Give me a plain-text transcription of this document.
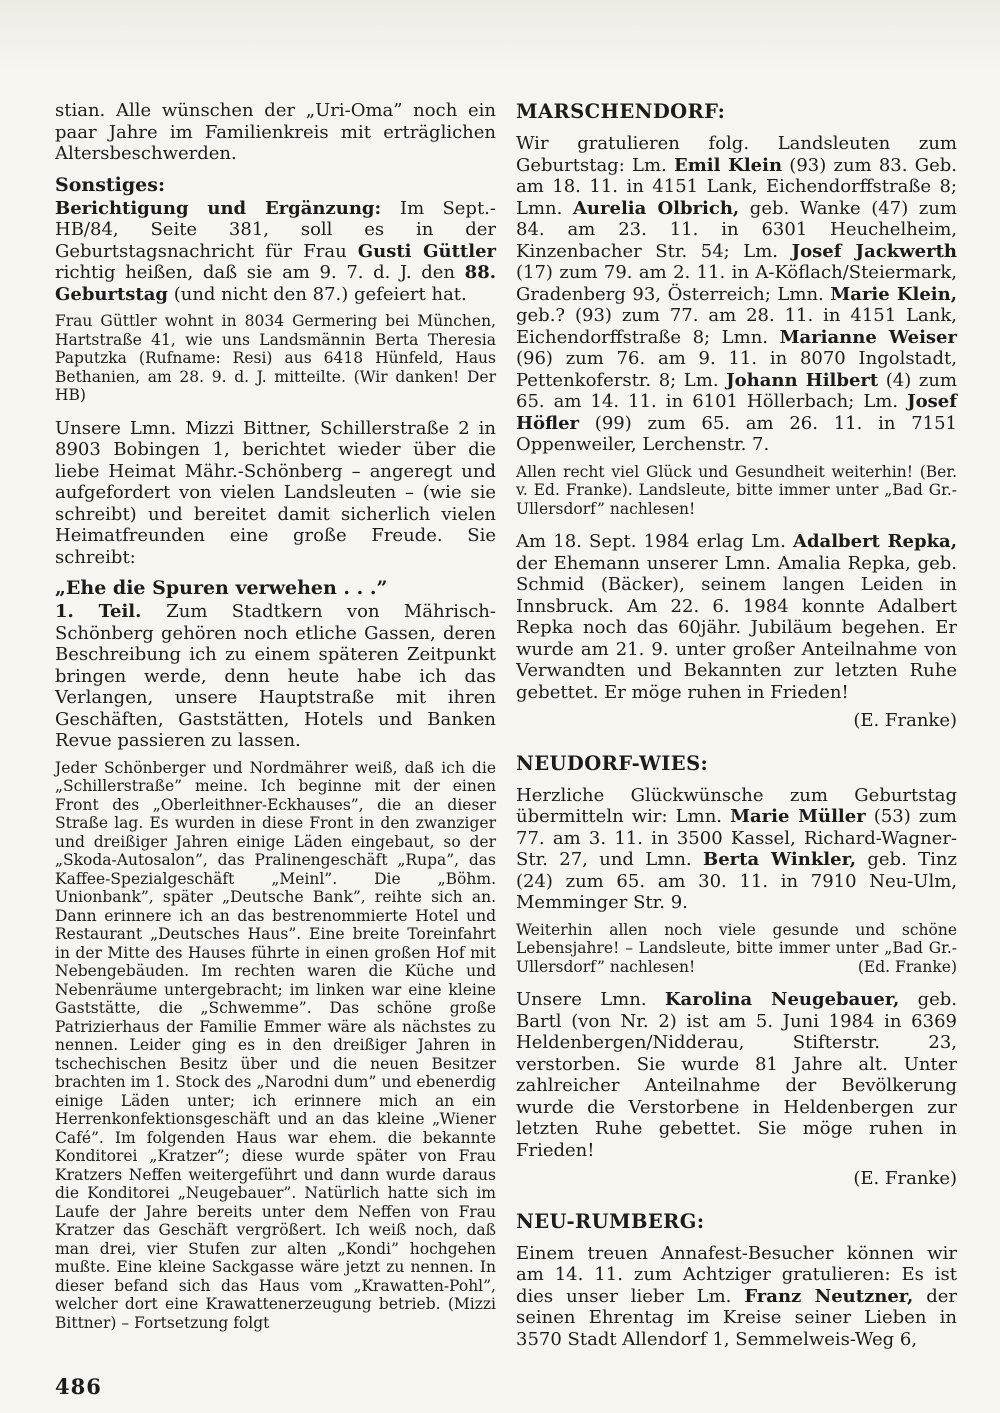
stian. Alle wünschen der „Uri-Oma” noch ein paar Jahre im Familienkreis mit erträglichen Altersbeschwerden.

Sonstiges:

Berichtigung und Ergänzung: Im Sept.-HB/84, Seite 381, soll es in der Geburtstagsnachricht für Frau Gusti Güttler richtig heißen, daß sie am 9. 7. d. J. den 88. Geburtstag (und nicht den 87.) gefeiert hat.

Frau Güttler wohnt in 8034 Germering bei München, Hartstraße 41, wie uns Landsmännin Berta Theresia Paputzka (Rufname: Resi) aus 6418 Hünfeld, Haus Bethanien, am 28. 9. d. J. mitteilte. (Wir danken! Der HB)

Unsere Lmn. Mizzi Bittner, Schillerstraße 2 in 8903 Bobingen 1, berichtet wieder über die liebe Heimat Mähr.-Schönberg – angeregt und aufgefordert von vielen Landsleuten – (wie sie schreibt) und bereitet damit sicherlich vielen Heimatfreunden eine große Freude. Sie schreibt:

„Ehe die Spuren verwehen . . .”

1. Teil. Zum Stadtkern von Mährisch-Schönberg gehören noch etliche Gassen, deren Beschreibung ich zu einem späteren Zeitpunkt bringen werde, denn heute habe ich das Verlangen, unsere Hauptstraße mit ihren Geschäften, Gaststätten, Hotels und Banken Revue passieren zu lassen.

Jeder Schönberger und Nordmährer weiß, daß ich die „Schillerstraße” meine. Ich beginne mit der einen Front des „Oberleithner-Eckhauses”, die an dieser Straße lag. Es wurden in diese Front in den zwanziger und dreißiger Jahren einige Läden eingebaut, so der „Skoda-Autosalon”, das Pralinengeschäft „Rupa”, das Kaffee-Spezialgeschäft „Meinl”. Die „Böhm. Unionbank”, später „Deutsche Bank”, reihte sich an. Dann erinnere ich an das bestrenommierte Hotel und Restaurant „Deutsches Haus”. Eine breite Toreinfahrt in der Mitte des Hauses führte in einen großen Hof mit Nebengebäuden. Im rechten waren die Küche und Nebenräume untergebracht; im linken war eine kleine Gaststätte, die „Schwemme”. Das schöne große Patrizierhaus der Familie Emmer wäre als nächstes zu nennen. Leider ging es in den dreißiger Jahren in tschechischen Besitz über und die neuen Besitzer brachten im 1. Stock des „Narodni dum” und ebenerdig einige Läden unter; ich erinnere mich an ein Herrenkonfektionsgeschäft und an das kleine „Wiener Café”. Im folgenden Haus war ehem. die bekannte Konditorei „Kratzer”; diese wurde später von Frau Kratzers Neffen weitergeführt und dann wurde daraus die Konditorei „Neugebauer”. Natürlich hatte sich im Laufe der Jahre bereits unter dem Neffen von Frau Kratzer das Geschäft vergrößert. Ich weiß noch, daß man drei, vier Stufen zur alten „Kondi” hochgehen mußte. Eine kleine Sackgasse wäre jetzt zu nennen. In dieser befand sich das Haus vom „Krawatten-Pohl”, welcher dort eine Krawattenerzeugung betrieb. (Mizzi Bittner) – Fortsetzung folgt

486
MARSCHENDORF:

Wir gratulieren folg. Landsleuten zum Geburtstag: Lm. Emil Klein (93) zum 83. Geb. am 18. 11. in 4151 Lank, Eichendorffstraße 8; Lmn. Aurelia Olbrich, geb. Wanke (47) zum 84. am 23. 11. in 6301 Heuchelheim, Kinzenbacher Str. 54; Lm. Josef Jackwerth (17) zum 79. am 2. 11. in A-Köflach/Steiermark, Gradenberg 93, Österreich; Lmn. Marie Klein, geb.? (93) zum 77. am 28. 11. in 4151 Lank, Eichendorffstraße 8; Lmn. Marianne Weiser (96) zum 76. am 9. 11. in 8070 Ingolstadt, Pettenkoferstr. 8; Lm. Johann Hilbert (4) zum 65. am 14. 11. in 6101 Höllerbach; Lm. Josef Höfler (99) zum 65. am 26. 11. in 7151 Oppenweiler, Lerchenstr. 7.

Allen recht viel Glück und Gesundheit weiterhin! (Ber. v. Ed. Franke). Landsleute, bitte immer unter „Bad Gr.-Ullersdorf” nachlesen!

Am 18. Sept. 1984 erlag Lm. Adalbert Repka, der Ehemann unserer Lmn. Amalia Repka, geb. Schmid (Bäcker), seinem langen Leiden in Innsbruck. Am 22. 6. 1984 konnte Adalbert Repka noch das 60jähr. Jubiläum begehen. Er wurde am 21. 9. unter großer Anteilnahme von Verwandten und Bekannten zur letzten Ruhe gebettet. Er möge ruhen in Frieden!

(E. Franke)
NEUDORF-WIES:

Herzliche Glückwünsche zum Geburtstag übermitteln wir: Lmn. Marie Müller (53) zum 77. am 3. 11. in 3500 Kassel, Richard-Wagner-Str. 27, und Lmn. Berta Winkler, geb. Tinz (24) zum 65. am 30. 11. in 7910 Neu-Ulm, Memminger Str. 9.

Weiterhin allen noch viele gesunde und schöne Lebensjahre! – Landsleute, bitte immer unter „Bad Gr.-Ullersdorf” nachlesen!	(Ed. Franke)

Unsere Lmn. Karolina Neugebauer, geb. Bartl (von Nr. 2) ist am 5. Juni 1984 in 6369 Heldenbergen/Nidderau, Stifterstr. 23, verstorben. Sie wurde 81 Jahre alt. Unter zahlreicher Anteilnahme der Bevölkerung wurde die Verstorbene in Heldenbergen zur letzten Ruhe gebettet. Sie möge ruhen in Frieden!

(E. Franke)
NEU-RUMBERG:

Einem treuen Annafest-Besucher können wir am 14. 11. zum Achtziger gratulieren: Es ist dies unser lieber Lm. Franz Neutzner, der seinen Ehrentag im Kreise seiner Lieben in 3570 Stadt Allendorf 1, Semmelweis-Weg 6,
